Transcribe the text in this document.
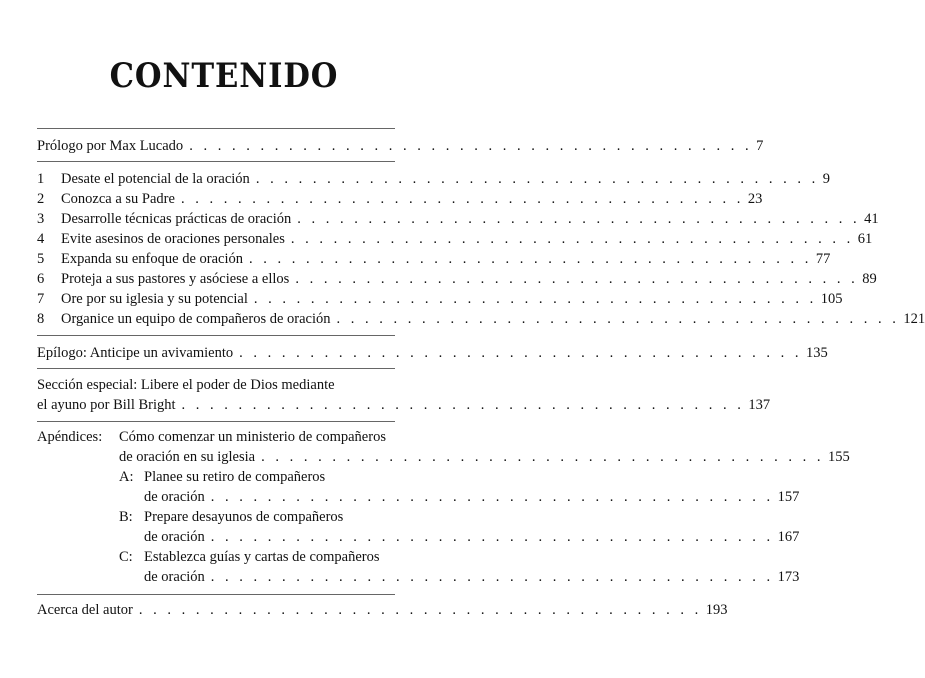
CONTENIDO
Prólogo por Max Lucado . . . . . . . . . . . . . . . . . . . . . . . . . . . . . . . . . . . . . . . . 7
1	Desate el potencial de la oración . . . . . . . . . . . . . . . . . . . . . . . . . . . . . . . . . . . . . . . . 9
2	Conozca a su Padre . . . . . . . . . . . . . . . . . . . . . . . . . . . . . . . . . . . . . . . . 23
3	Desarrolle técnicas prácticas de oración . . . . . . . . . . . . . . . . . . . . . . . . . . . . . . . . . . . . . . . . 41
4	Evite asesinos de oraciones personales . . . . . . . . . . . . . . . . . . . . . . . . . . . . . . . . . . . . . . . . 61
5	Expanda su enfoque de oración . . . . . . . . . . . . . . . . . . . . . . . . . . . . . . . . . . . . . . . . 77
6	Proteja a sus pastores y asóciese a ellos . . . . . . . . . . . . . . . . . . . . . . . . . . . . . . . . . . . . . . . . 89
7	Ore por su iglesia y su potencial . . . . . . . . . . . . . . . . . . . . . . . . . . . . . . . . . . . . . . . . 105
8	Organice un equipo de compañeros de oración . . . . . . . . . . . . . . . . . . . . . . . . . . . . . . . . . . . . . . . . 121
Epílogo: Anticipe un avivamiento . . . . . . . . . . . . . . . . . . . . . . . . . . . . . . . . . . . . . . . . 135
Sección especial: Libere el poder de Dios mediante
el ayuno por Bill Bright . . . . . . . . . . . . . . . . . . . . . . . . . . . . . . . . . . . . . . . . 137
Apéndices: Cómo comenzar un ministerio de compañeros
de oración en su iglesia . . . . . . . . . . . . . . . . . . . . . . . . . . . . . . . . . . . . . . . . 155
A: Planee su retiro de compañeros
de oración . . . . . . . . . . . . . . . . . . . . . . . . . . . . . . . . . . . . . . . . 157
B: Prepare desayunos de compañeros
de oración . . . . . . . . . . . . . . . . . . . . . . . . . . . . . . . . . . . . . . . . 167
C: Establezca guías y cartas de compañeros
de oración . . . . . . . . . . . . . . . . . . . . . . . . . . . . . . . . . . . . . . . . 173
Acerca del autor . . . . . . . . . . . . . . . . . . . . . . . . . . . . . . . . . . . . . . . . 193
